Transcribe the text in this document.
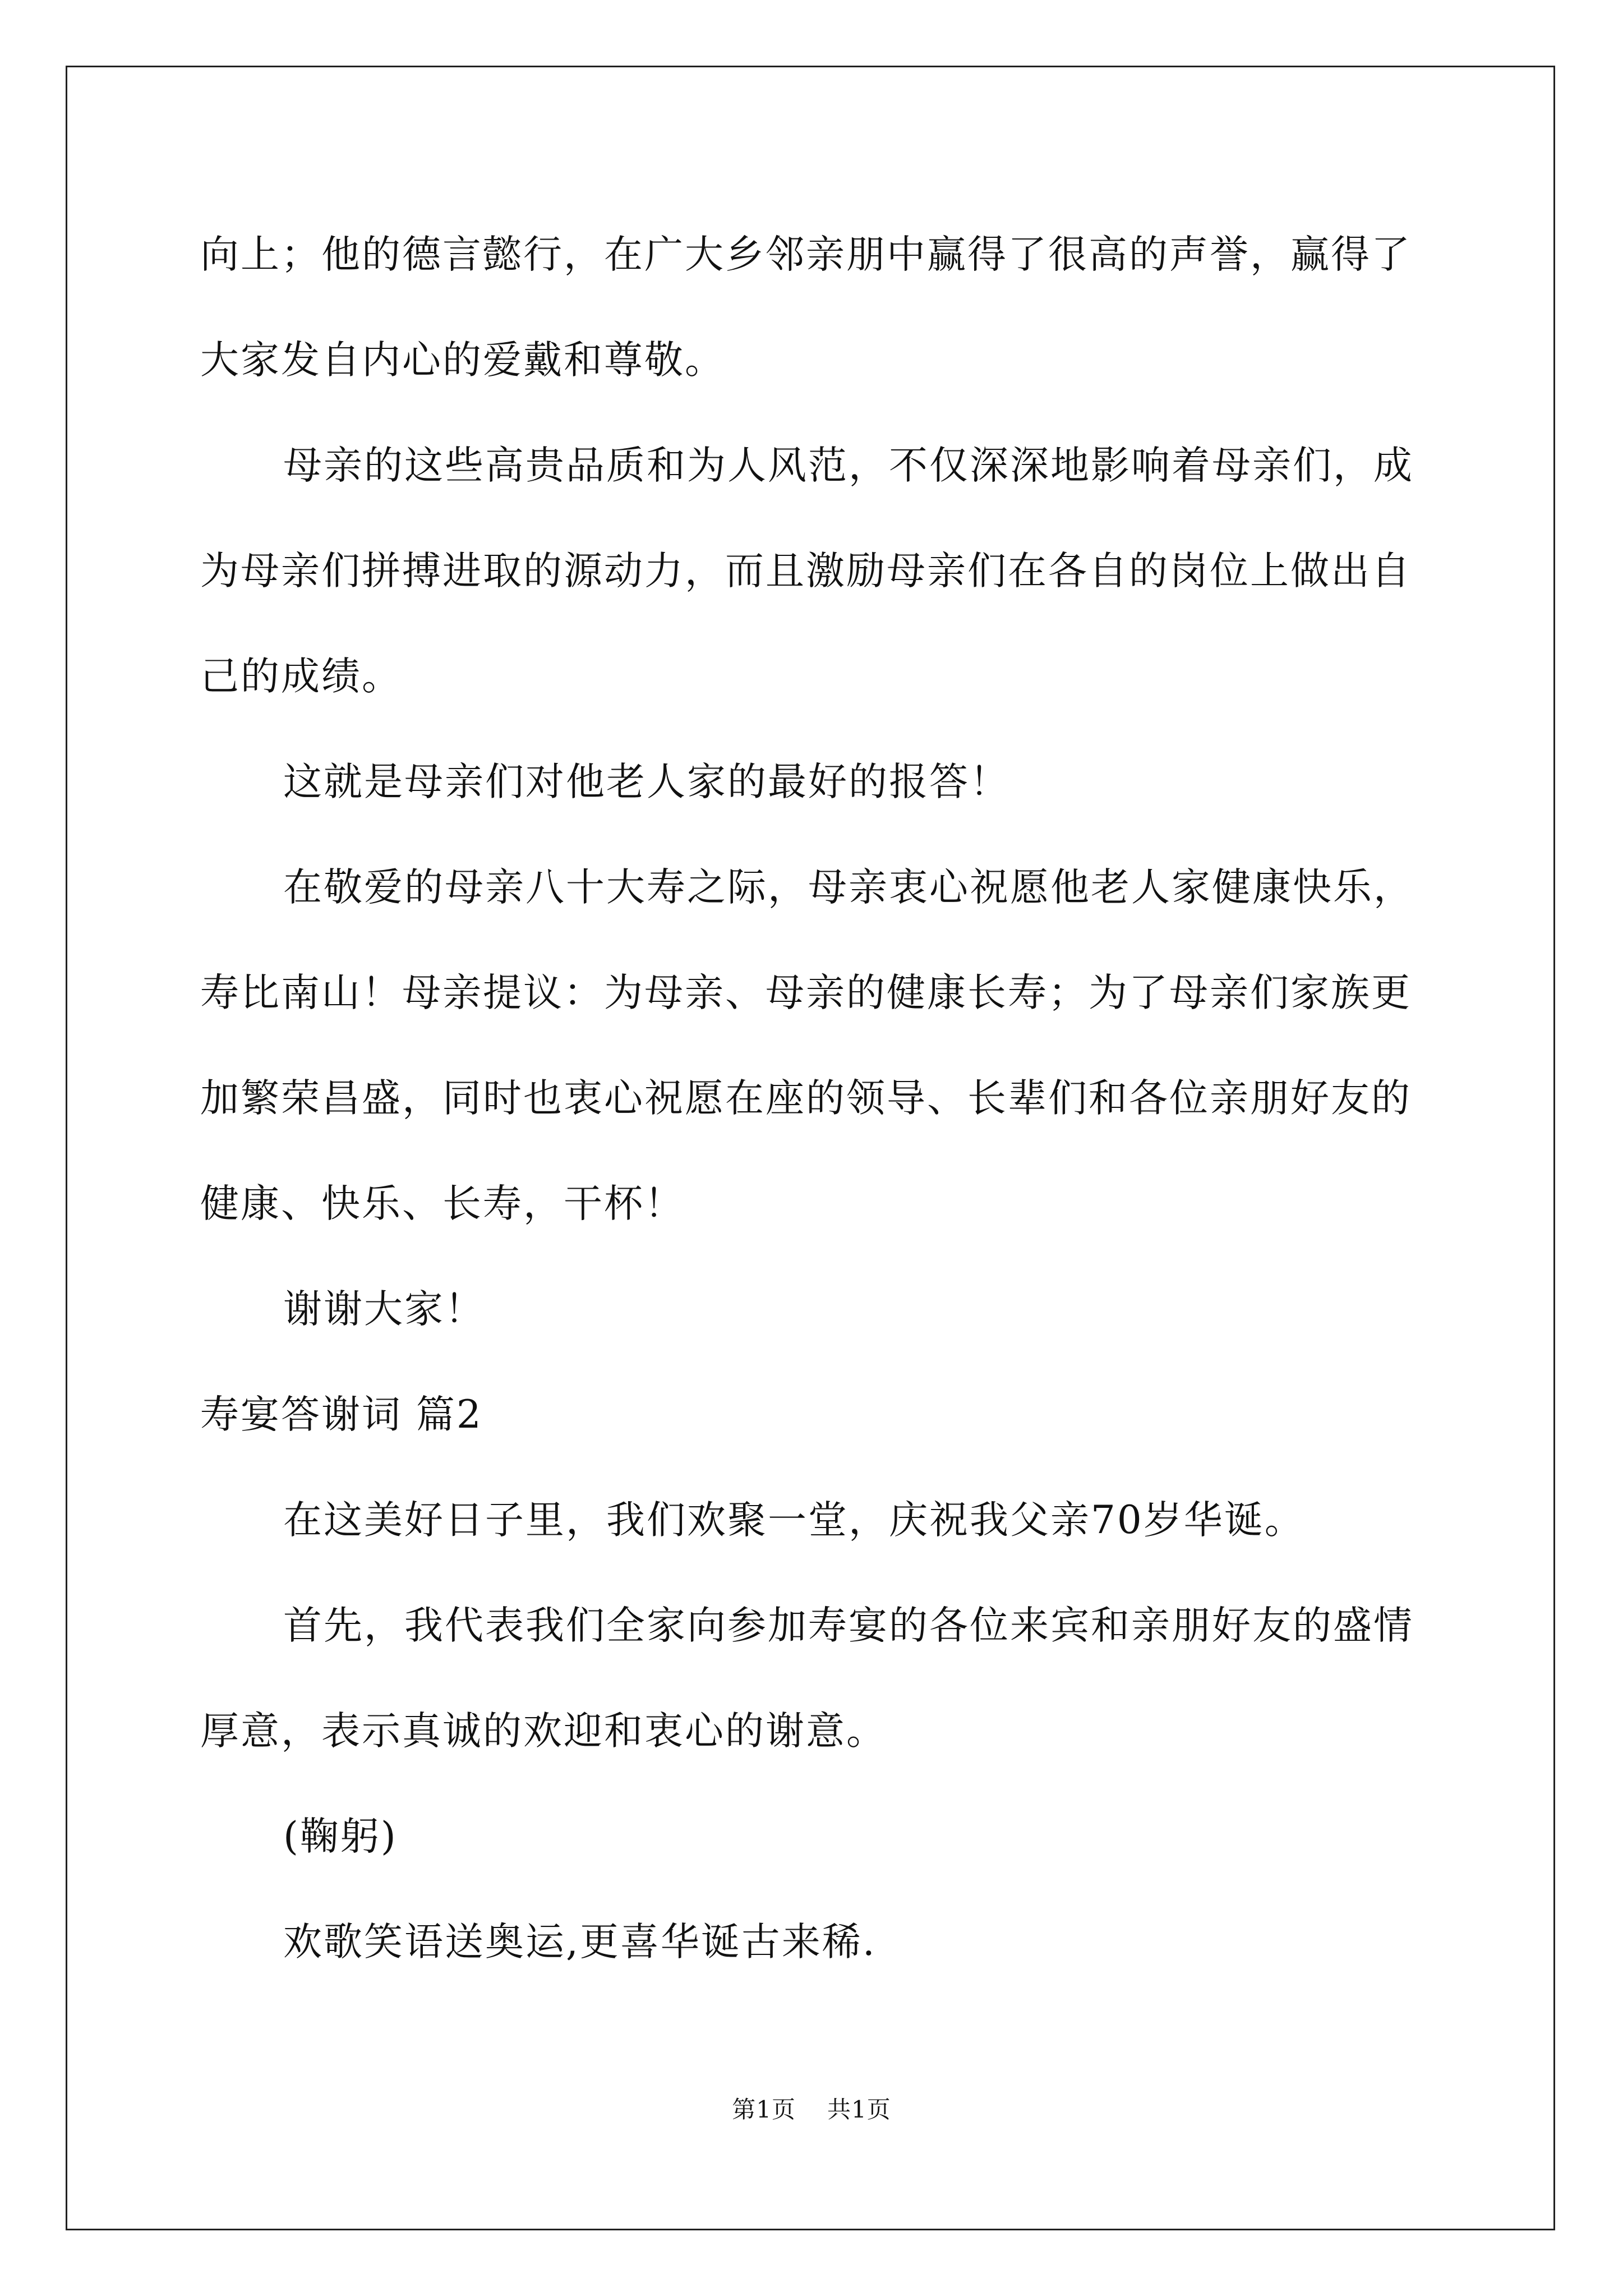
向上；他的德言懿行，在广大乡邻亲朋中赢得了很高的声誉，赢得了

大家发自内心的爱戴和尊敬。

母亲的这些高贵品质和为人风范，不仅深深地影响着母亲们，成

为母亲们拼搏进取的源动力，而且激励母亲们在各自的岗位上做出自

己的成绩。

这就是母亲们对他老人家的最好的报答！

在敬爱的母亲八十大寿之际，母亲衷心祝愿他老人家健康快乐，

寿比南山！母亲提议：为母亲、母亲的健康长寿；为了母亲们家族更

加繁荣昌盛，同时也衷心祝愿在座的领导、长辈们和各位亲朋好友的

健康、快乐、长寿，干杯！

谢谢大家！

寿宴答谢词 篇2

在这美好日子里，我们欢聚一堂，庆祝我父亲70岁华诞。

首先，我代表我们全家向参加寿宴的各位来宾和亲朋好友的盛情

厚意，表示真诚的欢迎和衷心的谢意。

(鞠躬)

欢歌笑语送奥运,更喜华诞古来稀.

第1页 共1页
